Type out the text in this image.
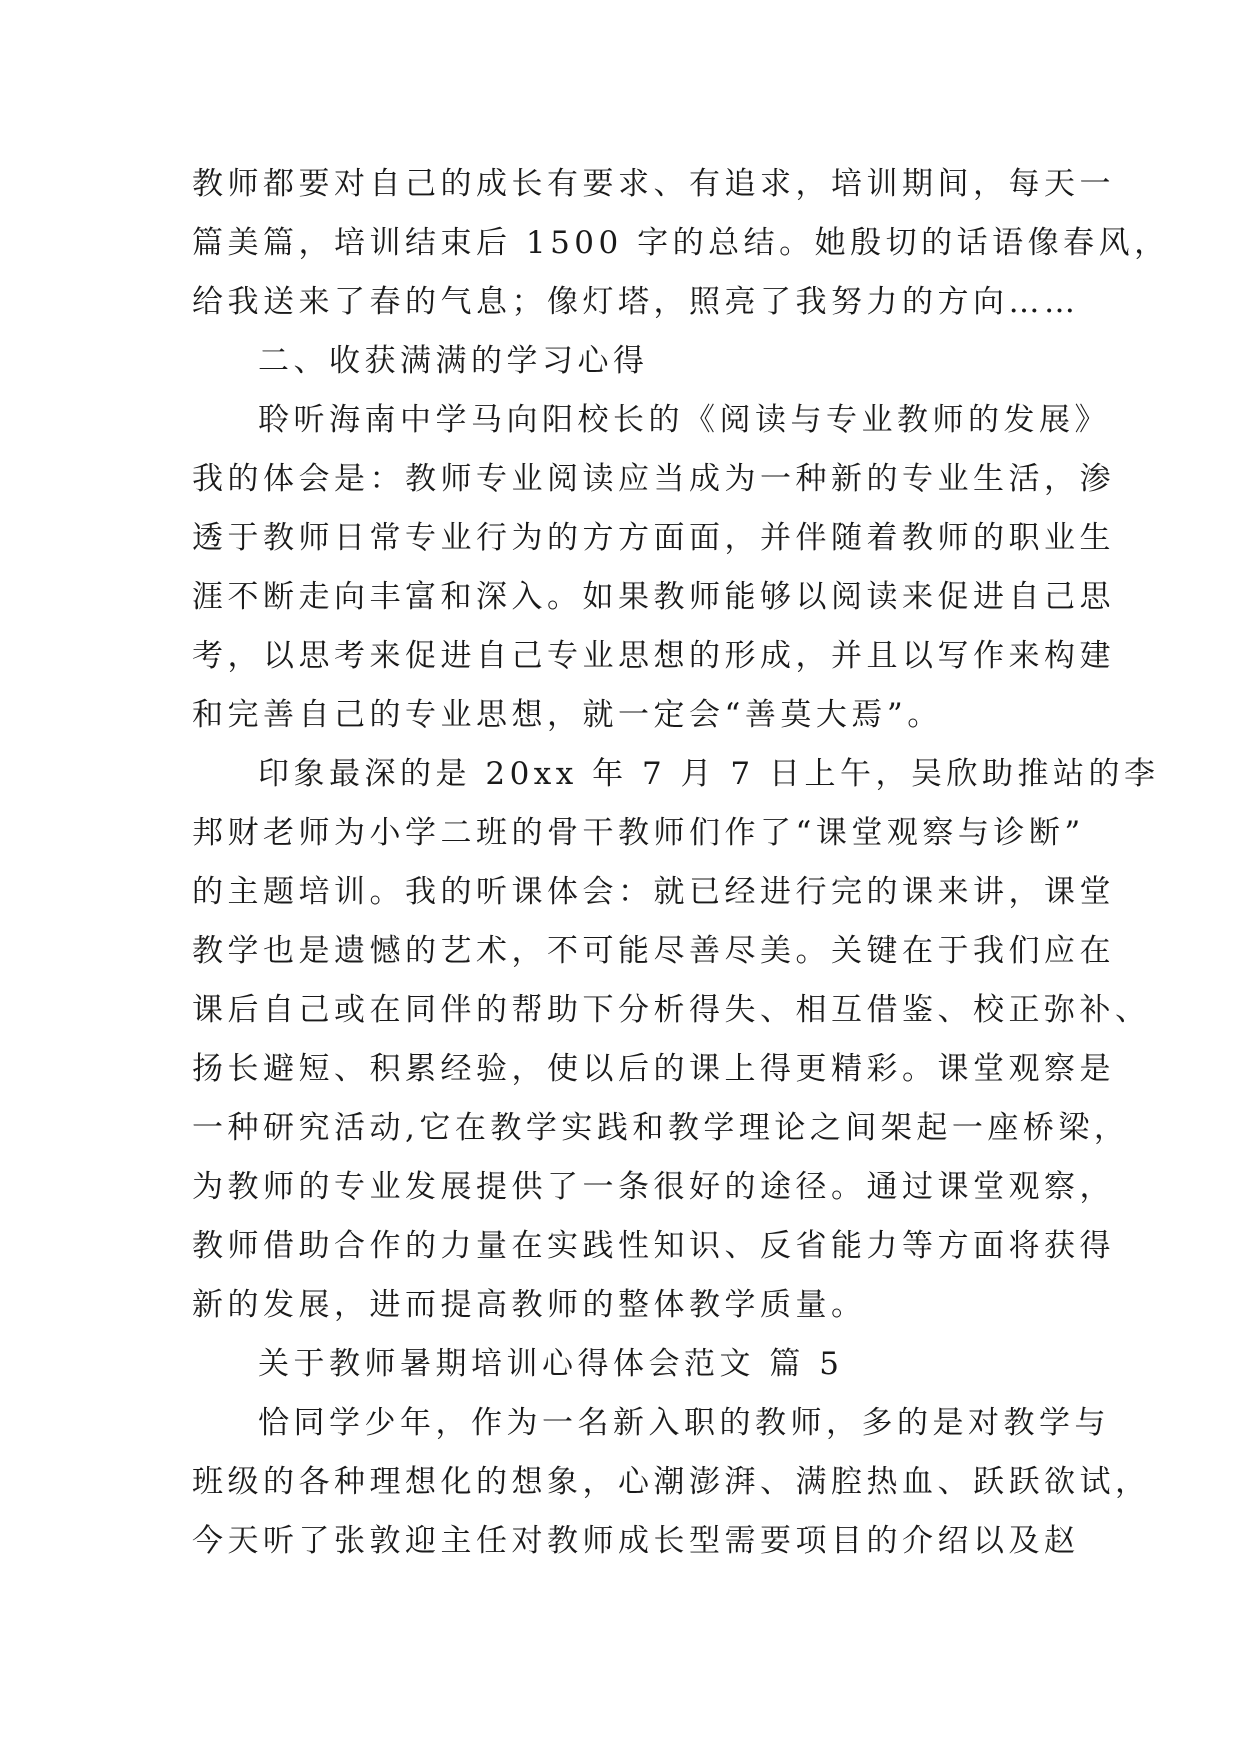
教师都要对自己的成长有要求、有追求，培训期间，每天一
篇美篇，培训结束后 1500 字的总结。她殷切的话语像春风，
给我送来了春的气息；像灯塔，照亮了我努力的方向……
二、收获满满的学习心得
聆听海南中学马向阳校长的《阅读与专业教师的发展》
我的体会是：教师专业阅读应当成为一种新的专业生活，渗
透于教师日常专业行为的方方面面，并伴随着教师的职业生
涯不断走向丰富和深入。如果教师能够以阅读来促进自己思
考，以思考来促进自己专业思想的形成，并且以写作来构建
和完善自己的专业思想，就一定会“善莫大焉”。
印象最深的是 20xx 年 7 月 7 日上午，吴欣助推站的李
邦财老师为小学二班的骨干教师们作了“课堂观察与诊断”
的主题培训。我的听课体会：就已经进行完的课来讲，课堂
教学也是遗憾的艺术，不可能尽善尽美。关键在于我们应在
课后自己或在同伴的帮助下分析得失、相互借鉴、校正弥补、
扬长避短、积累经验，使以后的课上得更精彩。课堂观察是
一种研究活动,它在教学实践和教学理论之间架起一座桥梁，
为教师的专业发展提供了一条很好的途径。通过课堂观察，
教师借助合作的力量在实践性知识、反省能力等方面将获得
新的发展，进而提高教师的整体教学质量。
关于教师暑期培训心得体会范文 篇 5
恰同学少年，作为一名新入职的教师，多的是对教学与
班级的各种理想化的想象，心潮澎湃、满腔热血、跃跃欲试，
今天听了张敦迎主任对教师成长型需要项目的介绍以及赵
